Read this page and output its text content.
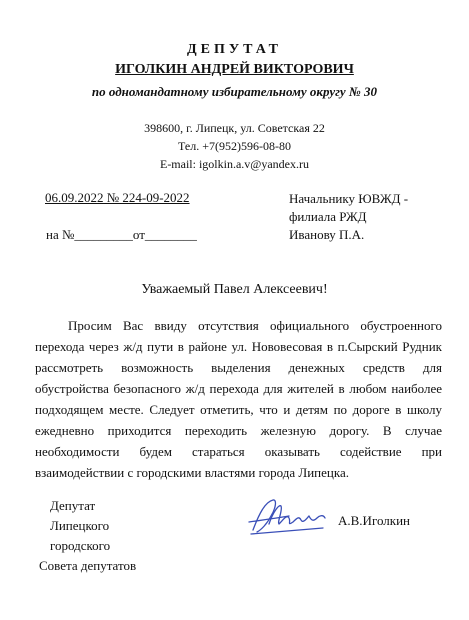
ДЕПУТАТ
ИГОЛКИН АНДРЕЙ ВИКТОРОВИЧ
по одномандатному избирательному округу № 30
398600, г. Липецк, ул. Советская 22
Тел. +7(952)596-08-80
E-mail: igolkin.a.v@yandex.ru
06.09.2022 № 224-09-2022
на №_________от________
Начальнику ЮВЖД -
филиала РЖД
Иванову П.А.
Уважаемый Павел Алексеевич!
Просим Вас ввиду отсутствия официального обустроенного перехода через ж/д пути в районе ул. Нововесовая в п.Сырский Рудник рассмотреть возможность выделения денежных средств для обустройства безопасного ж/д перехода для жителей в любом наиболее подходящем месте. Следует отметить, что и детям по дороге в школу ежедневно приходится переходить железную дорогу. В случае необходимости будем стараться оказывать содействие при взаимодействии с городскими властями города Липецка.
Депутат
Липецкого
городского
Совета депутатов
А.В.Иголкин
